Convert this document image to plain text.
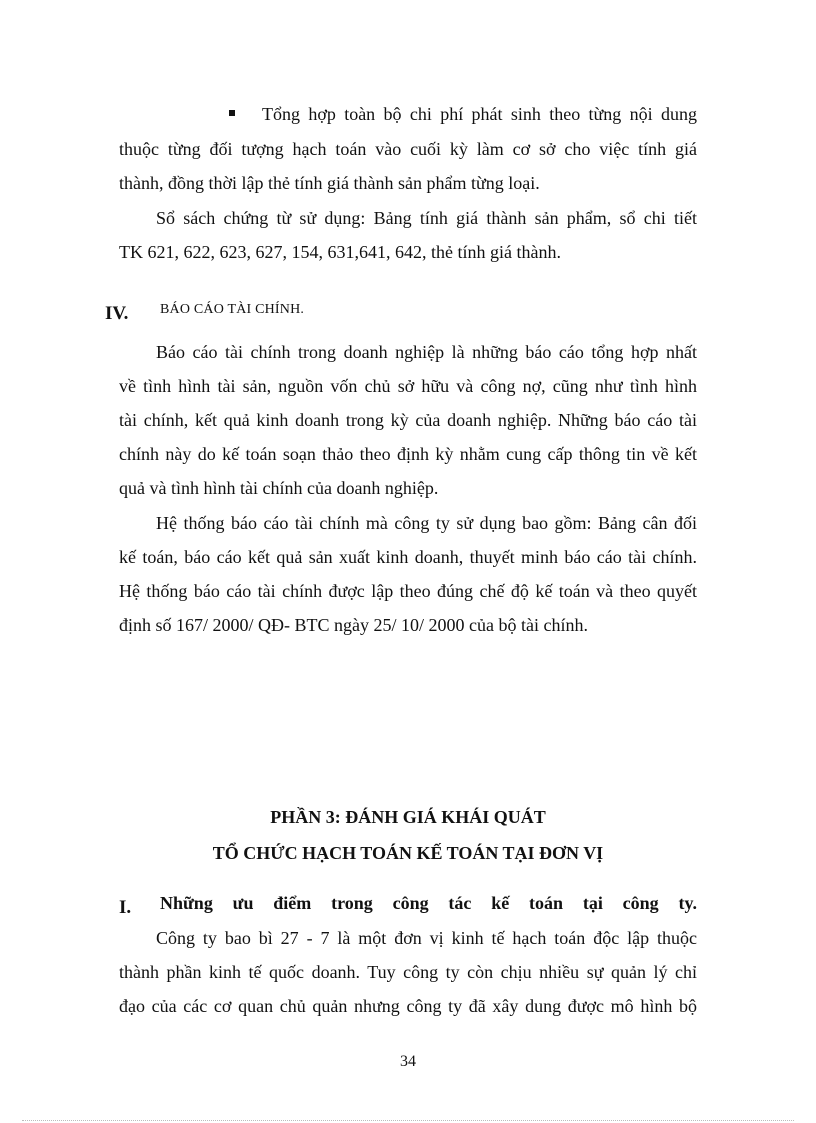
Tổng hợp toàn bộ chi phí phát sinh theo từng nội dung
thuộc từng đối tượng hạch toán vào cuối kỳ làm cơ sở cho việc tính giá
thành, đồng thời lập thẻ tính giá thành sản phẩm từng loại.
Sổ sách chứng từ sử dụng: Bảng tính giá thành sản phẩm, sổ chi tiết
TK 621, 622, 623, 627, 154, 631,641, 642, thẻ tính giá thành.
IV. BÁO CÁO TÀI CHÍNH.
Báo cáo tài chính trong doanh nghiệp là những báo cáo tổng hợp nhất
về tình hình tài sản, nguồn vốn chủ sở hữu và công nợ, cũng như tình hình
tài chính, kết quả kinh doanh trong kỳ của doanh nghiệp. Những báo cáo tài
chính này do kế toán soạn thảo theo định kỳ nhằm cung cấp thông tin về kết
quả và tình hình tài chính của doanh nghiệp.
Hệ thống báo cáo tài chính mà công ty sử dụng bao gồm: Bảng cân đối
kế toán, báo cáo kết quả sản xuất kinh doanh, thuyết minh báo cáo tài chính.
Hệ thống báo cáo tài chính được lập theo đúng chế độ kế toán và theo quyết
định số 167/ 2000/ QĐ- BTC ngày 25/ 10/ 2000 của bộ tài chính.
PHẦN 3: ĐÁNH GIÁ KHÁI QUÁT
TỔ CHỨC HẠCH TOÁN KẾ TOÁN TẠI ĐƠN VỊ
I. Những ưu điểm trong công tác kế toán tại công ty.
Công ty bao bì 27 - 7 là một đơn vị kinh tế hạch toán độc lập thuộc
thành phần kinh tế quốc doanh. Tuy công ty còn chịu nhiều sự quản lý chỉ
đạo của các cơ quan chủ quản nhưng công ty đã xây dung được mô hình bộ
34
